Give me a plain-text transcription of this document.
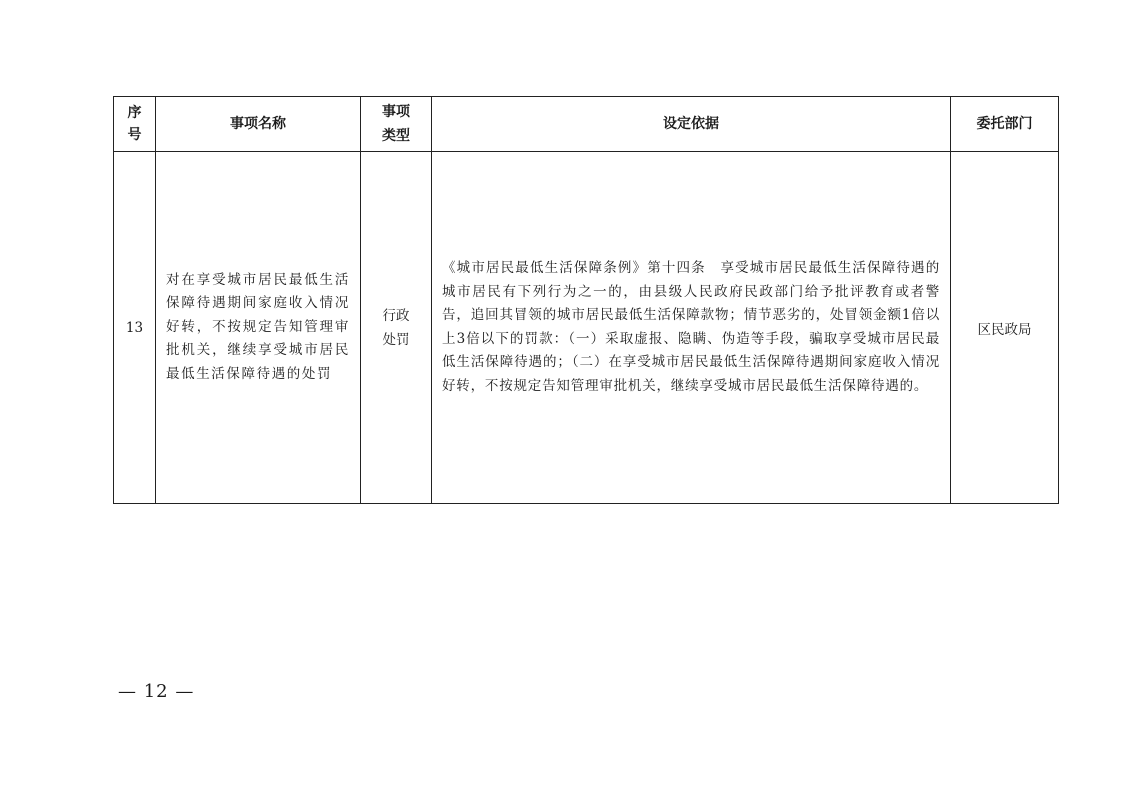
序号	事项名称	事项类型	设定依据	委托部门
13	对在享受城市居民最低生活保障待遇期间家庭收入情况好转，不按规定告知管理审批机关，继续享受城市居民最低生活保障待遇的处罚	行政处罚	《城市居民最低生活保障条例》第十四条　享受城市居民最低生活保障待遇的城市居民有下列行为之一的，由县级人民政府民政部门给予批评教育或者警告，追回其冒领的城市居民最低生活保障款物；情节恶劣的，处冒领金额1倍以上3倍以下的罚款：（一）采取虚报、隐瞒、伪造等手段，骗取享受城市居民最低生活保障待遇的；（二）在享受城市居民最低生活保障待遇期间家庭收入情况好转，不按规定告知管理审批机关，继续享受城市居民最低生活保障待遇的。	区民政局
— 12 —
